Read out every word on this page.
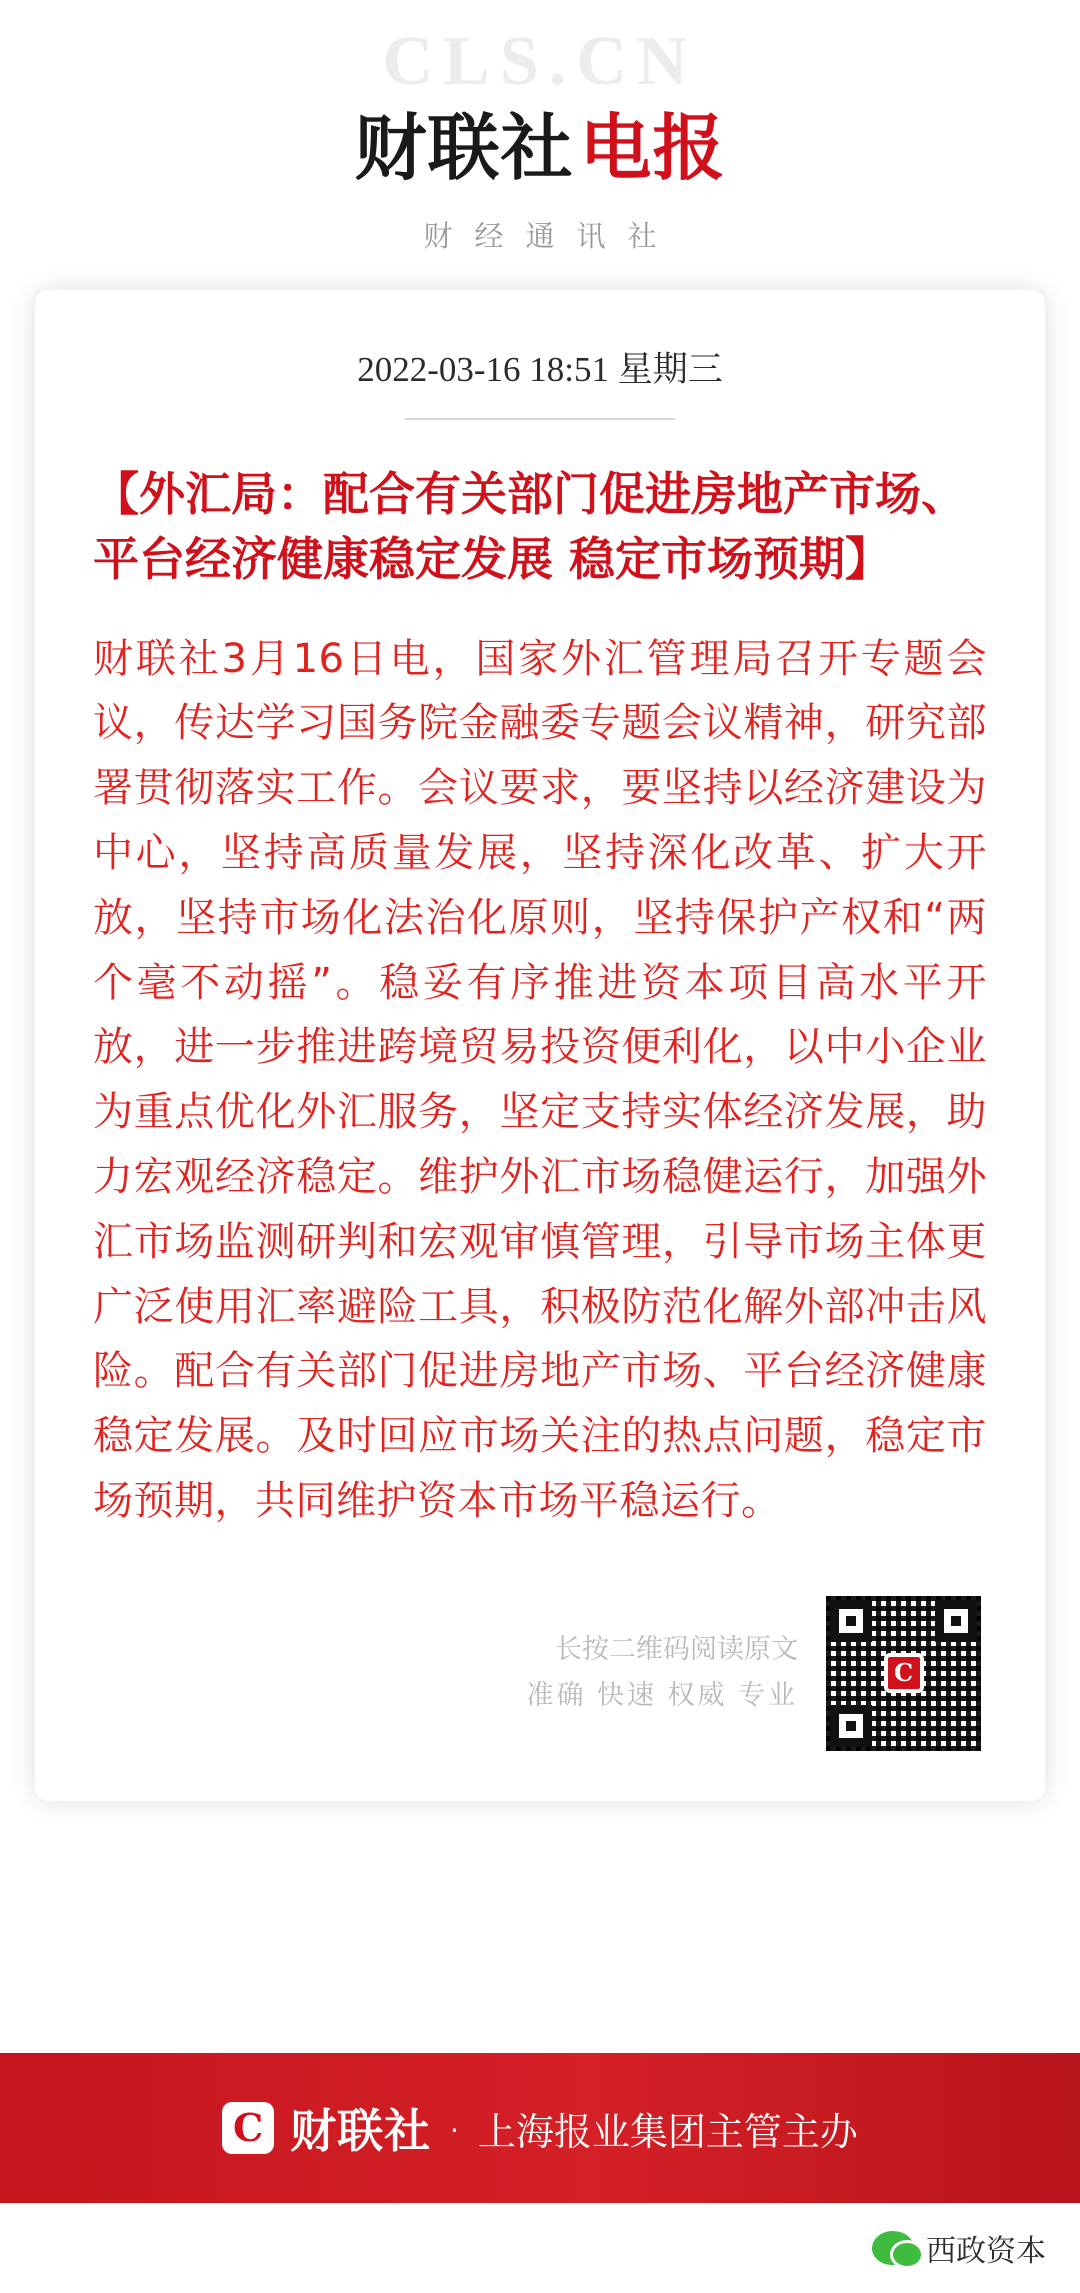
CLS.CN
财联社 电报
财经通讯社
2022-03-16 18:51 星期三
【外汇局：配合有关部门促进房地产市场、平台经济健康稳定发展 稳定市场预期】
财联社3月16日电，国家外汇管理局召开专题会议，传达学习国务院金融委专题会议精神，研究部署贯彻落实工作。会议要求，要坚持以经济建设为中心，坚持高质量发展，坚持深化改革、扩大开放，坚持市场化法治化原则，坚持保护产权和“两个毫不动摇”。稳妥有序推进资本项目高水平开放，进一步推进跨境贸易投资便利化，以中小企业为重点优化外汇服务，坚定支持实体经济发展，助力宏观经济稳定。维护外汇市场稳健运行，加强外汇市场监测研判和宏观审慎管理，引导市场主体更广泛使用汇率避险工具，积极防范化解外部冲击风险。配合有关部门促进房地产市场、平台经济健康稳定发展。及时回应市场关注的热点问题，稳定市场预期，共同维护资本市场平稳运行。
长按二维码阅读原文
准确 快速 权威 专业
C
C 财联社 · 上海报业集团主管主办
西政资本
